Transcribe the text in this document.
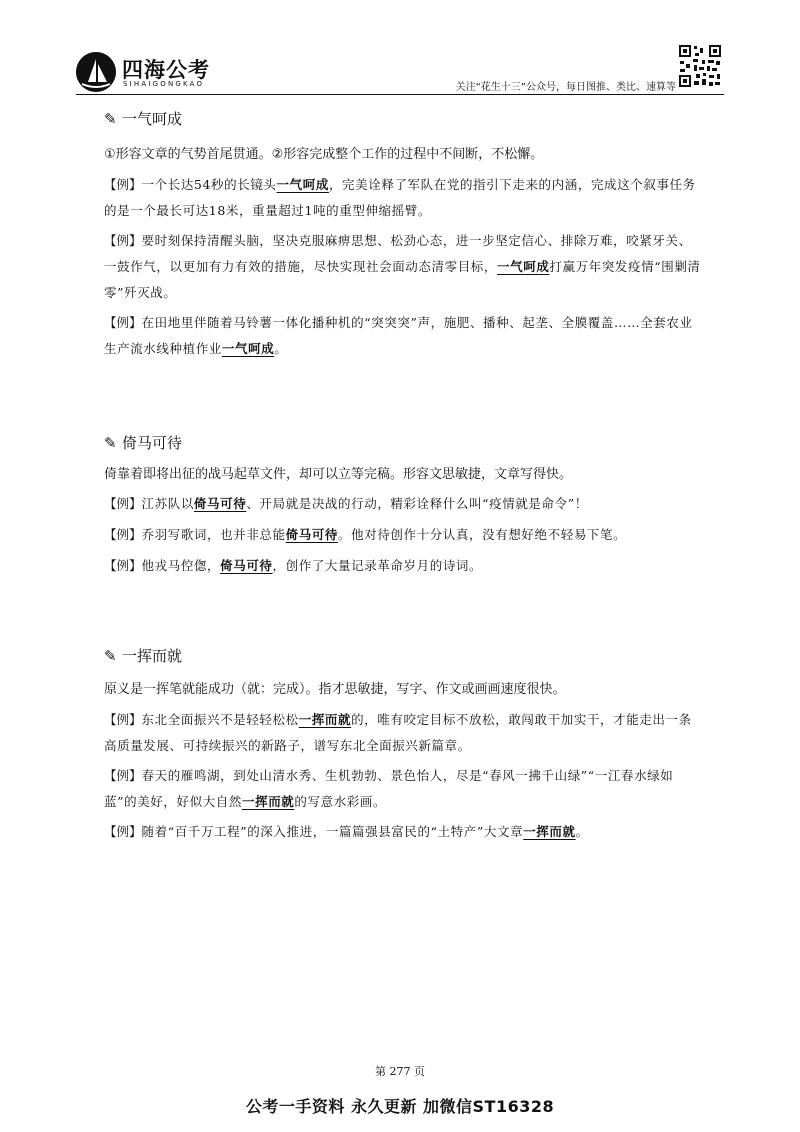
四海公考
SIHAIGONGKAO	关注“花生十三”公众号，每日图推、类比、速算等
✎ 一气呵成
①形容文章的气势首尾贯通。②形容完成整个工作的过程中不间断，不松懈。
【例】一个长达54秒的长镜头一气呵成，完美诠释了军队在党的指引下走来的内涵，完成这个叙事任务的是一个最长可达18米，重量超过1吨的重型伸缩摇臂。
【例】要时刻保持清醒头脑，坚决克服麻痹思想、松劲心态，进一步坚定信心、排除万难，咬紧牙关、一鼓作气，以更加有力有效的措施，尽快实现社会面动态清零目标，一气呵成打赢万年突发疫情“围剿清零”歼灭战。
【例】在田地里伴随着马铃薯一体化播种机的“突突突”声，施肥、播种、起垄、全膜覆盖……全套农业生产流水线种植作业一气呵成。
✎ 倚马可待
倚靠着即将出征的战马起草文件，却可以立等完稿。形容文思敏捷，文章写得快。
【例】江苏队以倚马可待、开局就是决战的行动，精彩诠释什么叫“疫情就是命令”！
【例】乔羽写歌词，也并非总能倚马可待。他对待创作十分认真，没有想好绝不轻易下笔。
【例】他戎马倥偬，倚马可待，创作了大量记录革命岁月的诗词。
✎ 一挥而就
原义是一挥笔就能成功（就：完成）。指才思敏捷，写字、作文或画画速度很快。
【例】东北全面振兴不是轻轻松松一挥而就的，唯有咬定目标不放松，敢闯敢干加实干，才能走出一条高质量发展、可持续振兴的新路子，谱写东北全面振兴新篇章。
【例】春天的雁鸣湖，到处山清水秀、生机勃勃、景色怡人，尽是“春风一拂千山绿”“一江春水绿如蓝”的美好，好似大自然一挥而就的写意水彩画。
【例】随着“百千万工程”的深入推进，一篇篇强县富民的“土特产”大文章一挥而就。
第 277 页
公考一手资料 永久更新 加微信ST16328
